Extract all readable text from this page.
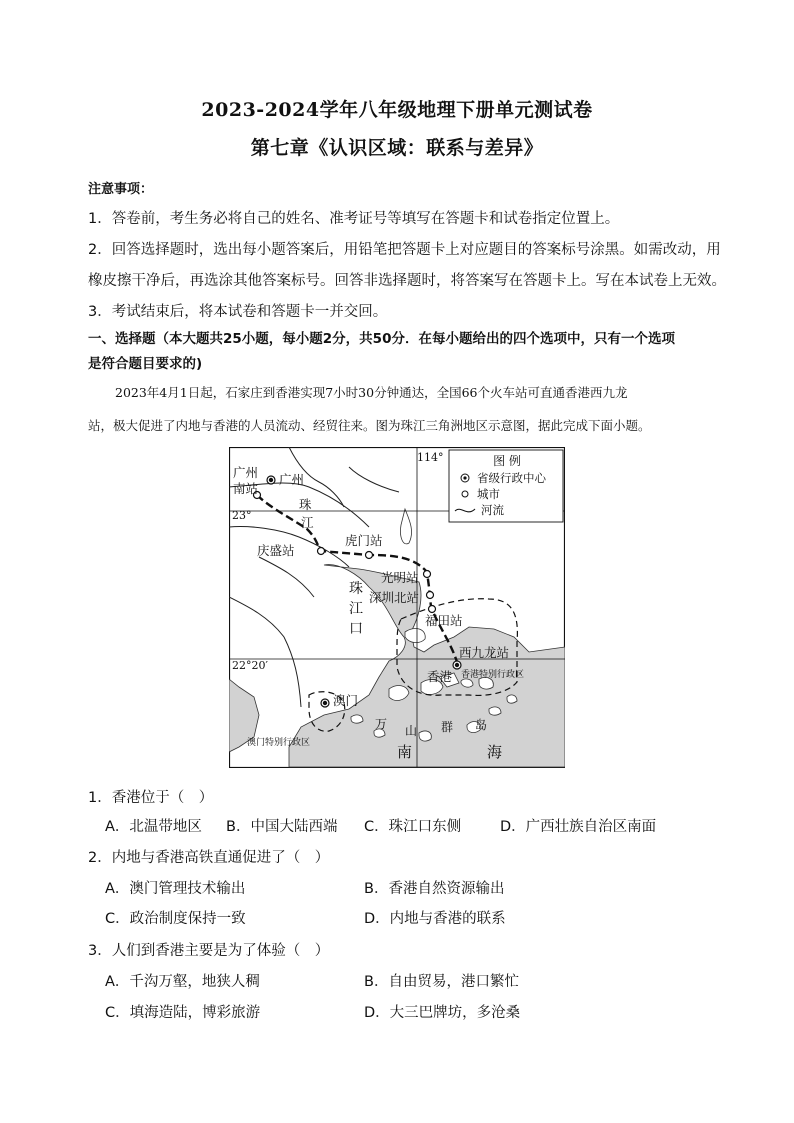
2023-2024学年八年级地理下册单元测试卷
第七章《认识区域：联系与差异》
注意事项：
1．答卷前，考生务必将自己的姓名、准考证号等填写在答题卡和试卷指定位置上。
2．回答选择题时，选出每小题答案后，用铅笔把答题卡上对应题目的答案标号涂黑。如需改动，用
橡皮擦干净后，再选涂其他答案标号。回答非选择题时，将答案写在答题卡上。写在本试卷上无效。
3．考试结束后，将本试卷和答题卡一并交回。
一、选择题（本大题共25小题，每小题2分，共50分．在每小题给出的四个选项中，只有一个选项
是符合题目要求的)
2023年4月1日起，石家庄到香港实现7小时30分钟通达，全国66个火车站可直通香港西九龙
站，极大促进了内地与香港的人员流动、经贸往来。图为珠江三角洲地区示意图，据此完成下面小题。
图 例
省级行政中心
城市
河流
114°
23°
22°20′
广州
南站
广州
珠
江
庆盛站
虎门站
光明站
深圳北站
福田站
珠
江
口
西九龙站
香港 香港特别行政区
澳门
澳门特别行政区
万 山 群 岛
南	海
1．香港位于（　）
A．北温带地区 B．中国大陆西端 C．珠江口东侧	D．广西壮族自治区南面
2．内地与香港高铁直通促进了（　）
A．澳门管理技术输出	B．香港自然资源输出
C．政治制度保持一致	D．内地与香港的联系
3．人们到香港主要是为了体验（　）
A．千沟万壑，地狭人稠	B．自由贸易，港口繁忙
C．填海造陆，博彩旅游	D．大三巴牌坊，多沧桑
